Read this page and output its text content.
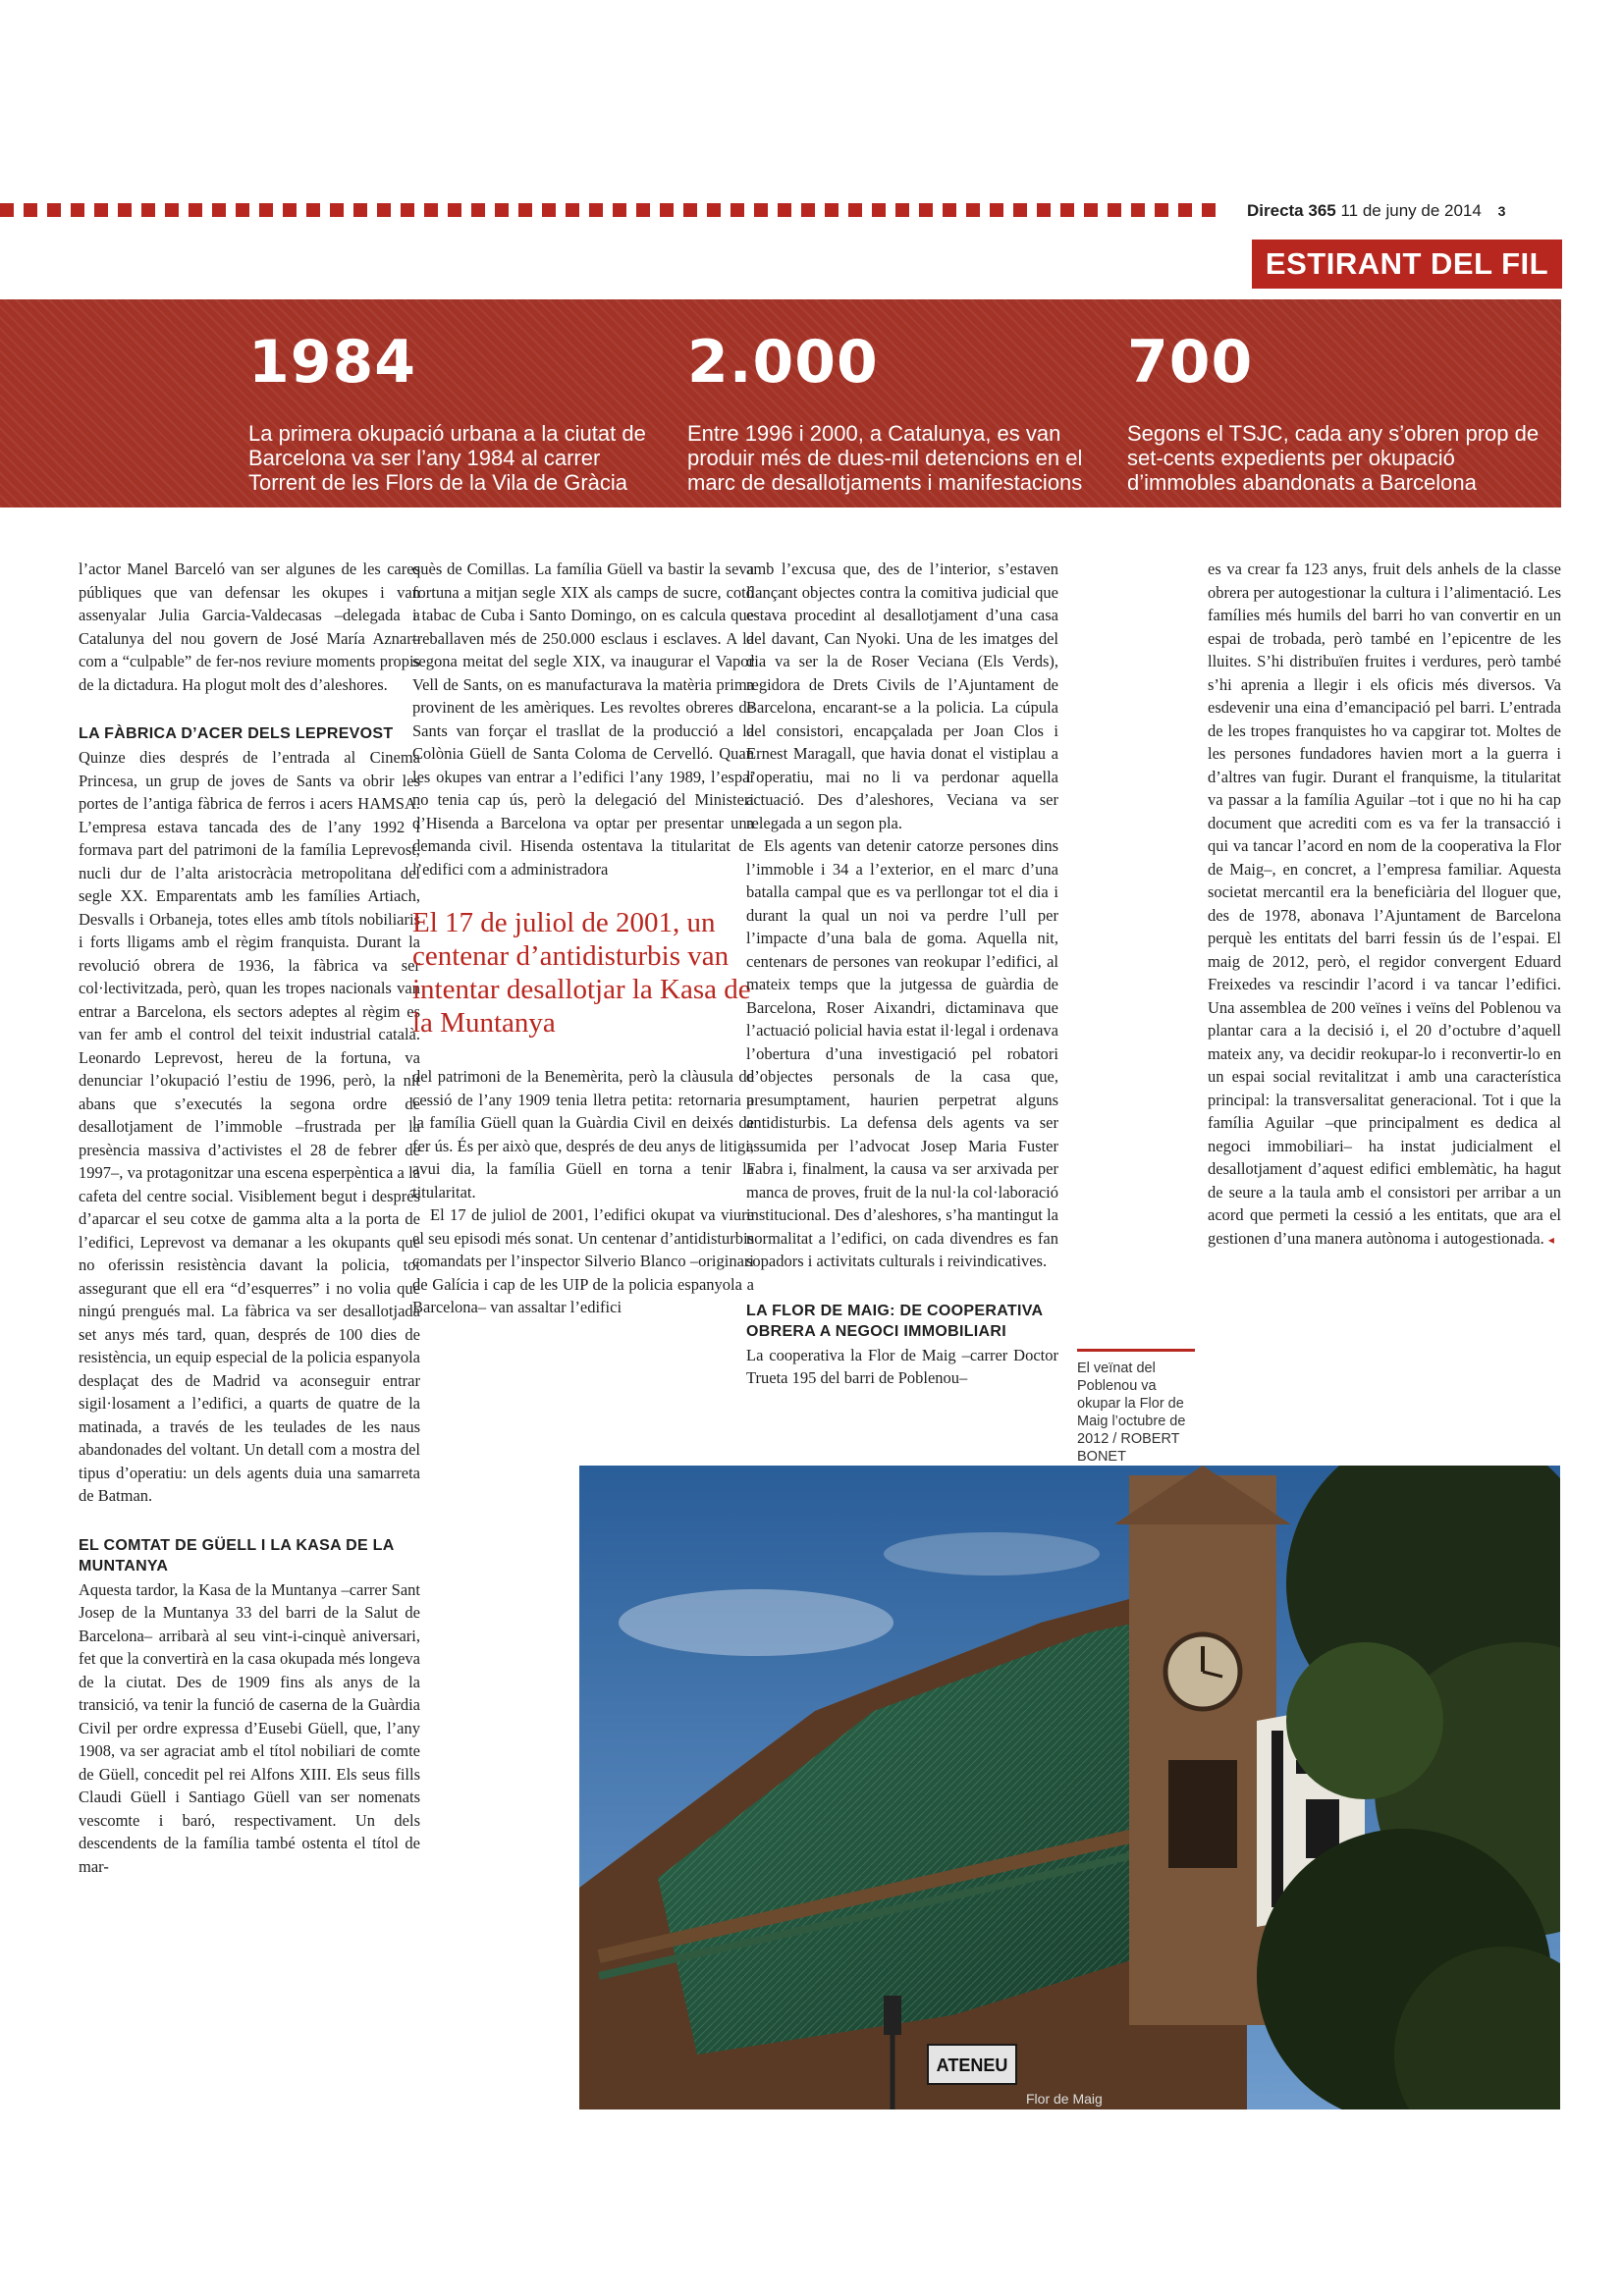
Directa 365 11 de juny de 2014 3
ESTIRANT DEL FIL
1984
La primera okupació urbana a la ciutat de Barcelona va ser l’any 1984 al carrer Torrent de les Flors de la Vila de Gràcia
2.000
Entre 1996 i 2000, a Catalunya, es van produir més de dues-mil detencions en el marc de desallotjaments i manifestacions
700
Segons el TSJC, cada any s’obren prop de set-cents expedients per okupació d’immobles abandonats a Barcelona

l’actor Manel Barceló van ser algunes de les cares públiques que van defensar les okupes i van assenyalar Julia Garcia-Valdecasas –delegada a Catalunya del nou govern de José María Aznar– com a “culpable” de fer-nos reviure moments propis de la dictadura. Ha plogut molt des d’aleshores.

LA FÀBRICA D’ACER DELS LEPREVOST

Quinze dies després de l’entrada al Cinema Princesa, un grup de joves de Sants va obrir les portes de l’antiga fàbrica de ferros i acers HAMSA. L’empresa estava tancada des de l’any 1992 i formava part del patrimoni de la família Leprevost, nucli dur de l’alta aristocràcia metropolitana del segle XX. Emparentats amb les famílies Artiach, Desvalls i Orbaneja, totes elles amb títols nobiliaris i forts lligams amb el règim franquista. Durant la revolució obrera de 1936, la fàbrica va ser col·lectivitzada, però, quan les tropes nacionals van entrar a Barcelona, els sectors adeptes al règim es van fer amb el control del teixit industrial català. Leonardo Leprevost, hereu de la fortuna, va denunciar l’okupació l’estiu de 1996, però, la nit abans que s’executés la segona ordre de desallotjament de l’immoble –frustrada per la presència massiva d’activistes el 28 de febrer de 1997–, va protagonitzar una escena esperpèntica a la cafeta del centre social. Visiblement begut i després d’aparcar el seu cotxe de gamma alta a la porta de l’edifici, Leprevost va demanar a les okupants que no oferissin resistència davant la policia, tot assegurant que ell era “d’esquerres” i no volia que ningú prengués mal. La fàbrica va ser desallotjada set anys més tard, quan, després de 100 dies de resistència, un equip especial de la policia espanyola desplaçat des de Madrid va aconseguir entrar sigil·losament a l’edifici, a quarts de quatre de la matinada, a través de les teulades de les naus abandonades del voltant. Un detall com a mostra del tipus d’operatiu: un dels agents duia una samarreta de Batman.

EL COMTAT DE GÜELL I LA KASA DE LA MUNTANYA

Aquesta tardor, la Kasa de la Muntanya –carrer Sant Josep de la Muntanya 33 del barri de la Salut de Barcelona– arribarà al seu vint-i-cinquè aniversari, fet que la convertirà en la casa okupada més longeva de la ciutat. Des de 1909 fins als anys de la transició, va tenir la funció de caserna de la Guàrdia Civil per ordre expressa d’Eusebi Güell, que, l’any 1908, va ser agraciat amb el títol nobiliari de comte de Güell, concedit pel rei Alfons XIII. Els seus fills Claudi Güell i Santiago Güell van ser nomenats vescomte i baró, respectivament. Un dels descendents de la família també ostenta el títol de mar-

quès de Comillas. La família Güell va bastir la seva fortuna a mitjan segle XIX als camps de sucre, cotó i tabac de Cuba i Santo Domingo, on es calcula que treballaven més de 250.000 esclaus i esclaves. A la segona meitat del segle XIX, va inaugurar el Vapor Vell de Sants, on es manufacturava la matèria prima provinent de les amèriques. Les revoltes obreres de Sants van forçar el trasllat de la producció a la Colònia Güell de Santa Coloma de Cervelló. Quan les okupes van entrar a l’edifici l’any 1989, l’espai no tenia cap ús, però la delegació del Ministeri d’Hisenda a Barcelona va optar per presentar una demanda civil. Hisenda ostentava la titularitat de l’edifici com a administradora

El 17 de juliol de 2001, un centenar d’antidisturbis van intentar desallotjar la Kasa de la Muntanya

del patrimoni de la Benemèrita, però la clàusula de cessió de l’any 1909 tenia lletra petita: retornaria a la família Güell quan la Guàrdia Civil en deixés de fer ús. És per això que, després de deu anys de litigi, avui dia, la família Güell en torna a tenir la titularitat.

El 17 de juliol de 2001, l’edifici okupat va viure el seu episodi més sonat. Un centenar d’antidisturbis comandats per l’inspector Silverio Blanco –originari de Galícia i cap de les UIP de la policia espanyola a Barcelona– van assaltar l’edifici

amb l’excusa que, des de l’interior, s’estaven llançant objectes contra la comitiva judicial que estava procedint al desallotjament d’una casa del davant, Can Nyoki. Una de les imatges del dia va ser la de Roser Veciana (Els Verds), regidora de Drets Civils de l’Ajuntament de Barcelona, encarant-se a la policia. La cúpula del consistori, encapçalada per Joan Clos i Ernest Maragall, que havia donat el vistiplau a l’operatiu, mai no li va perdonar aquella actuació. Des d’aleshores, Veciana va ser relegada a un segon pla.

Els agents van detenir catorze persones dins l’immoble i 34 a l’exterior, en el marc d’una batalla campal que es va perllongar tot el dia i durant la qual un noi va perdre l’ull per l’impacte d’una bala de goma. Aquella nit, centenars de persones van reokupar l’edifici, al mateix temps que la jutgessa de guàrdia de Barcelona, Roser Aixandri, dictaminava que l’actuació policial havia estat il·legal i ordenava l’obertura d’una investigació pel robatori d’objectes personals de la casa que, presumptament, haurien perpetrat alguns antidisturbis. La defensa dels agents va ser assumida per l’advocat Josep Maria Fuster Fabra i, finalment, la causa va ser arxivada per manca de proves, fruit de la nul·la col·laboració institucional. Des d’aleshores, s’ha mantingut la normalitat a l’edifici, on cada divendres es fan sopadors i activitats culturals i reivindicatives.

LA FLOR DE MAIG: DE COOPERATIVA OBRERA A NEGOCI IMMOBILIARI

La cooperativa la Flor de Maig –carrer Doctor Trueta 195 del barri de Poblenou–

es va crear fa 123 anys, fruit dels anhels de la classe obrera per autogestionar la cultura i l’alimentació. Les famílies més humils del barri ho van convertir en un espai de trobada, però també en l’epicentre de les lluites. S’hi distribuïen fruites i verdures, però també s’hi aprenia a llegir i els oficis més diversos. Va esdevenir una eina d’emancipació pel barri. L’entrada de les tropes franquistes ho va capgirar tot. Moltes de les persones fundadores havien mort a la guerra i d’altres van fugir. Durant el franquisme, la titularitat va passar a la família Aguilar –tot i que no hi ha cap document que acrediti com es va fer la transacció i qui va tancar l’acord en nom de la cooperativa la Flor de Maig–, en concret, a l’empresa familiar. Aquesta societat mercantil era la beneficiària del lloguer que, des de 1978, abonava l’Ajuntament de Barcelona perquè les entitats del barri fessin ús de l’espai. El maig de 2012, però, el regidor convergent Eduard Freixedes va rescindir l’acord i va tancar l’edifici. Una assemblea de 200 veïnes i veïns del Poblenou va plantar cara a la decisió i, el 20 d’octubre d’aquell mateix any, va decidir reokupar-lo i reconvertir-lo en un espai social revitalitzat i amb una característica principal: la transversalitat generacional. Tot i que la família Aguilar –que principalment es dedica al negoci immobiliari– ha instat judicialment el desallotjament d’aquest edifici emblemàtic, ha hagut de seure a la taula amb el consistori per arribar a un acord que permeti la cessió a les entitats, que ara el gestionen d’una manera autònoma i autogestionada. ◂

El veïnat del Poblenou va okupar la Flor de Maig l’octubre de 2012 / ROBERT BONET
ATENEU
Flor de Maig
